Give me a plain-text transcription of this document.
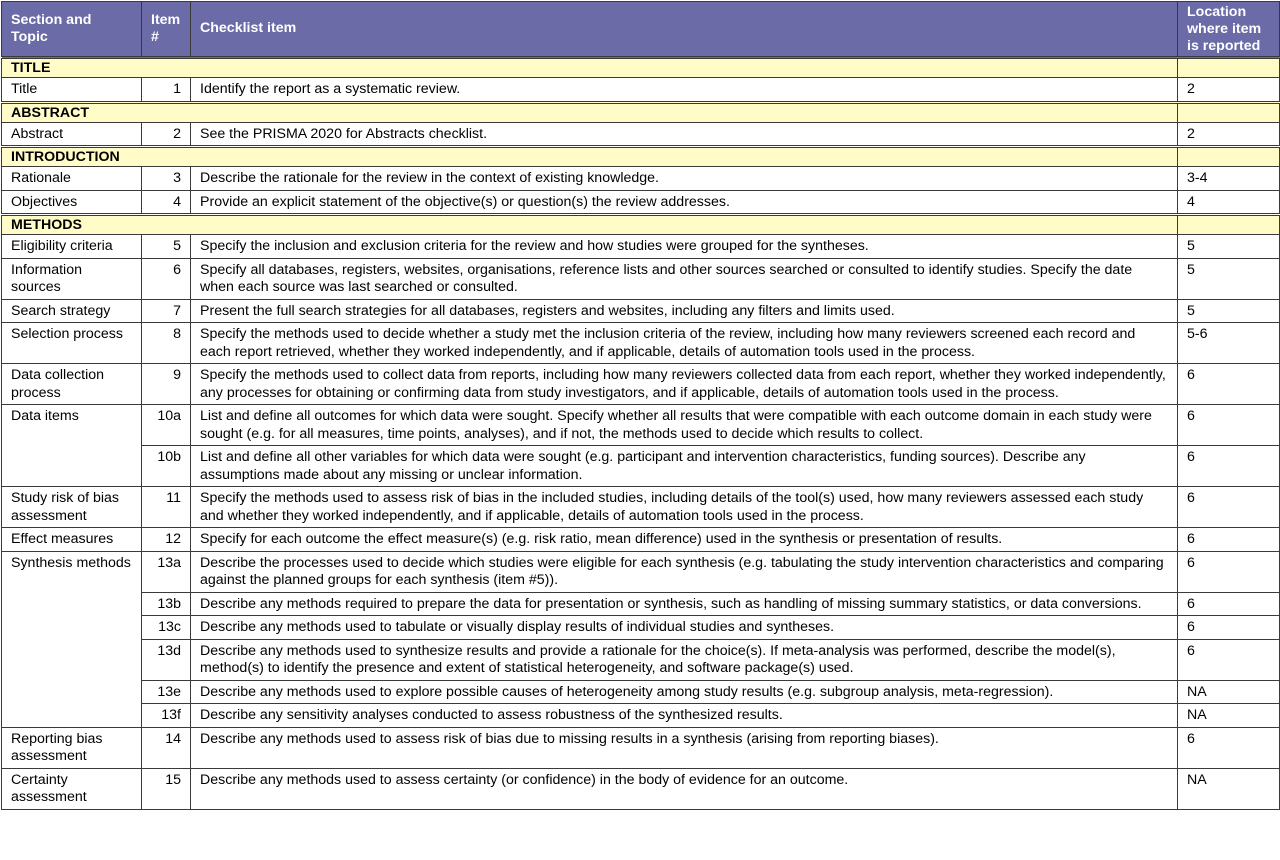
Section and Topic	Item #	Checklist item	Location where item is reported
TITLE			
Title	1	Identify the report as a systematic review.	2
ABSTRACT			
Abstract	2	See the PRISMA 2020 for Abstracts checklist.	2
INTRODUCTION			
Rationale	3	Describe the rationale for the review in the context of existing knowledge.	3-4
Objectives	4	Provide an explicit statement of the objective(s) or question(s) the review addresses.	4
METHODS			
Eligibility criteria	5	Specify the inclusion and exclusion criteria for the review and how studies were grouped for the syntheses.	5
Information sources	6	Specify all databases, registers, websites, organisations, reference lists and other sources searched or consulted to identify studies. Specify the date when each source was last searched or consulted.	5
Search strategy	7	Present the full search strategies for all databases, registers and websites, including any filters and limits used.	5
Selection process	8	Specify the methods used to decide whether a study met the inclusion criteria of the review, including how many reviewers screened each record and each report retrieved, whether they worked independently, and if applicable, details of automation tools used in the process.	5-6
Data collection process	9	Specify the methods used to collect data from reports, including how many reviewers collected data from each report, whether they worked independently, any processes for obtaining or confirming data from study investigators, and if applicable, details of automation tools used in the process.	6
Data items	10a	List and define all outcomes for which data were sought. Specify whether all results that were compatible with each outcome domain in each study were sought (e.g. for all measures, time points, analyses), and if not, the methods used to decide which results to collect.	6
	10b	List and define all other variables for which data were sought (e.g. participant and intervention characteristics, funding sources). Describe any assumptions made about any missing or unclear information.	6
Study risk of bias assessment	11	Specify the methods used to assess risk of bias in the included studies, including details of the tool(s) used, how many reviewers assessed each study and whether they worked independently, and if applicable, details of automation tools used in the process.	6
Effect measures	12	Specify for each outcome the effect measure(s) (e.g. risk ratio, mean difference) used in the synthesis or presentation of results.	6
Synthesis methods	13a	Describe the processes used to decide which studies were eligible for each synthesis (e.g. tabulating the study intervention characteristics and comparing against the planned groups for each synthesis (item #5)).	6
	13b	Describe any methods required to prepare the data for presentation or synthesis, such as handling of missing summary statistics, or data conversions.	6
	13c	Describe any methods used to tabulate or visually display results of individual studies and syntheses.	6
	13d	Describe any methods used to synthesize results and provide a rationale for the choice(s). If meta-analysis was performed, describe the model(s), method(s) to identify the presence and extent of statistical heterogeneity, and software package(s) used.	6
	13e	Describe any methods used to explore possible causes of heterogeneity among study results (e.g. subgroup analysis, meta-regression).	NA
	13f	Describe any sensitivity analyses conducted to assess robustness of the synthesized results.	NA
Reporting bias assessment	14	Describe any methods used to assess risk of bias due to missing results in a synthesis (arising from reporting biases).	6
Certainty assessment	15	Describe any methods used to assess certainty (or confidence) in the body of evidence for an outcome.	NA
